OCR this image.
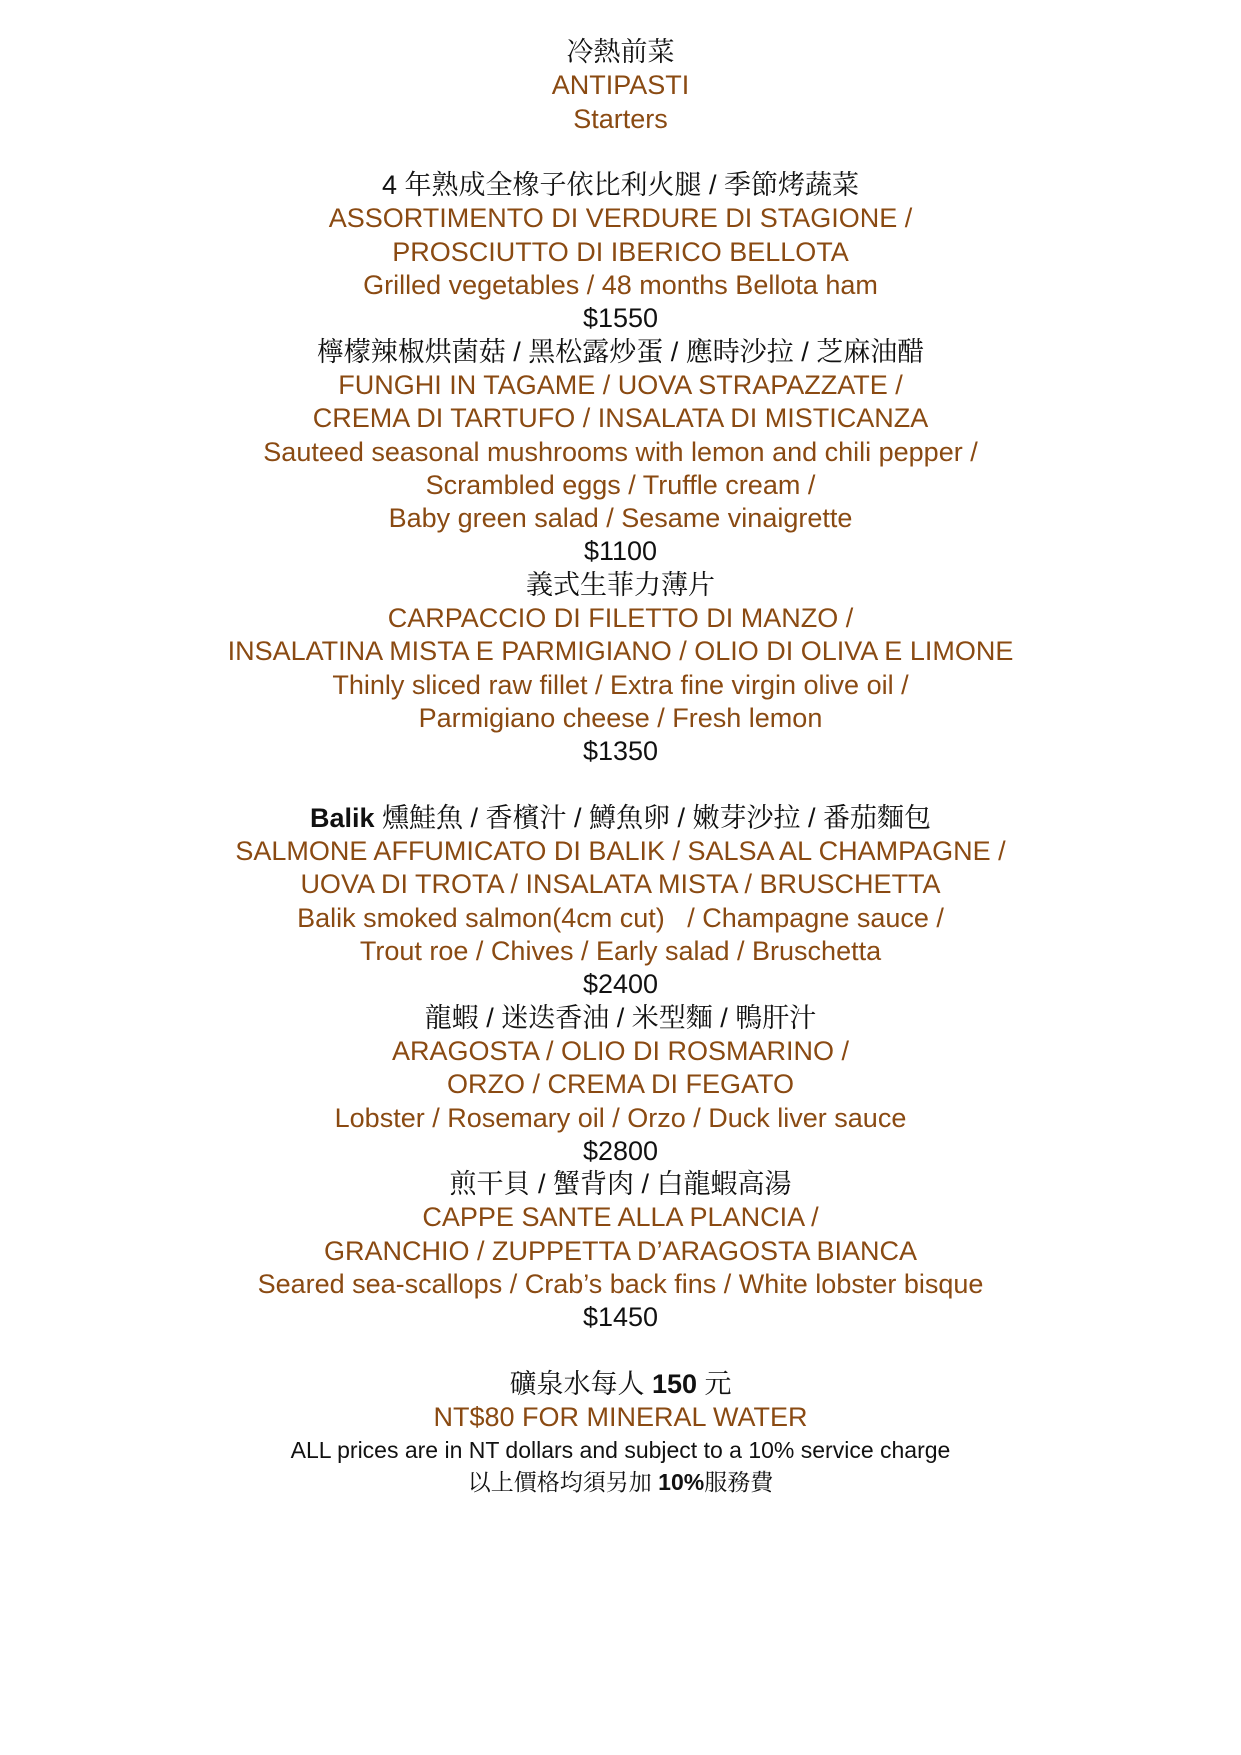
冷熱前菜
ANTIPASTI
Starters
4 年熟成全橡子依比利火腿 / 季節烤蔬菜
ASSORTIMENTO DI VERDURE DI STAGIONE /
PROSCIUTTO DI IBERICO BELLOTA
Grilled vegetables / 48 months Bellota ham
$1550
檸檬辣椒烘菌菇 / 黑松露炒蛋 / 應時沙拉 / 芝麻油醋
FUNGHI IN TAGAME / UOVA STRAPAZZATE /
CREMA DI TARTUFO / INSALATA DI MISTICANZA
Sauteed seasonal mushrooms with lemon and chili pepper /
Scrambled eggs / Truffle cream /
Baby green salad / Sesame vinaigrette
$1100
義式生菲力薄片
CARPACCIO DI FILETTO DI MANZO /
INSALATINA MISTA E PARMIGIANO / OLIO DI OLIVA E LIMONE
Thinly sliced raw fillet / Extra fine virgin olive oil /
Parmigiano cheese / Fresh lemon
$1350
Balik 燻鮭魚 / 香檳汁 / 鱒魚卵 / 嫩芽沙拉 / 番茄麵包
SALMONE AFFUMICATO DI BALIK / SALSA AL CHAMPAGNE /
UOVA DI TROTA / INSALATA MISTA / BRUSCHETTA
Balik smoked salmon(4cm cut)   / Champagne sauce /
Trout roe / Chives / Early salad / Bruschetta
$2400
龍蝦 / 迷迭香油 / 米型麵 / 鴨肝汁
ARAGOSTA / OLIO DI ROSMARINO /
ORZO / CREMA DI FEGATO
Lobster / Rosemary oil / Orzo / Duck liver sauce
$2800
煎干貝 / 蟹背肉 / 白龍蝦高湯
CAPPE SANTE ALLA PLANCIA /
GRANCHIO / ZUPPETTA D’ARAGOSTA BIANCA
Seared sea-scallops / Crab’s back fins / White lobster bisque
$1450
礦泉水每人 150 元
NT$80 FOR MINERAL WATER
ALL prices are in NT dollars and subject to a 10% service charge
以上價格均須另加 10%服務費
